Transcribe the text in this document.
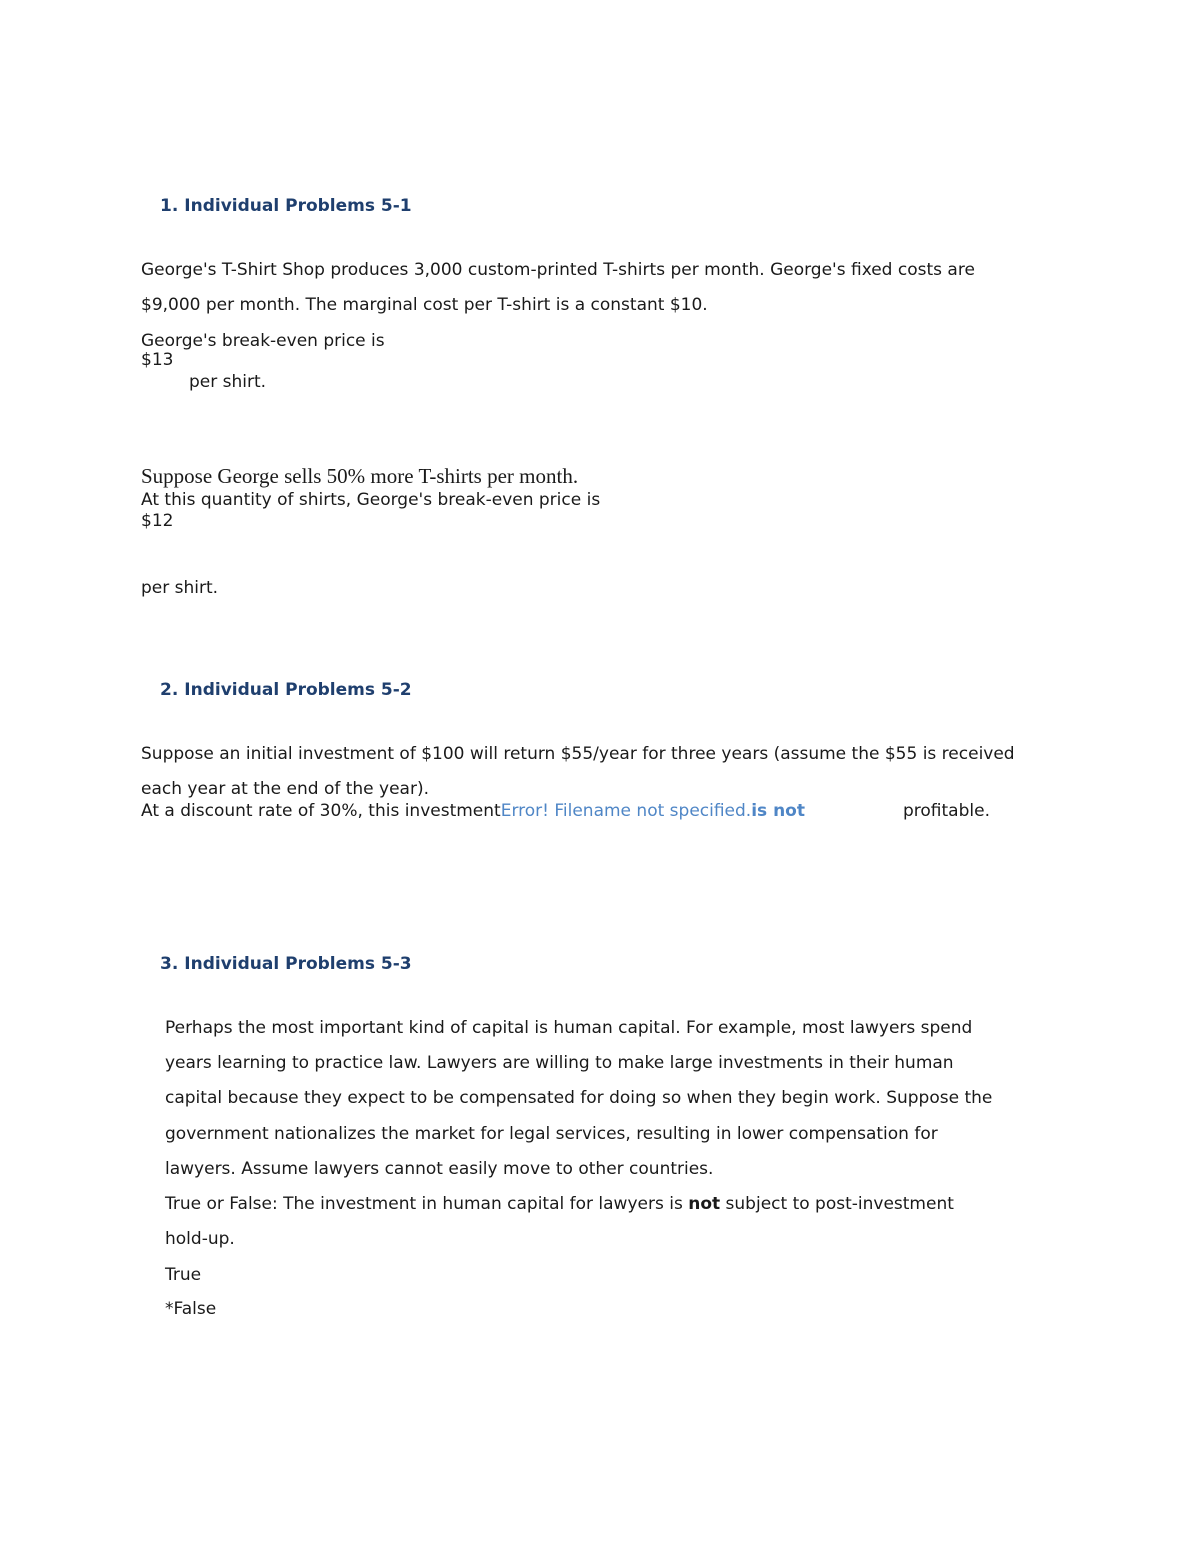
1. Individual Problems 5-1
George's T-Shirt Shop produces 3,000 custom-printed T-shirts per month. George's fixed costs are
$9,000 per month. The marginal cost per T-shirt is a constant $10.
George's break-even price is
$13
per shirt.
Suppose George sells 50% more T-shirts per month.
At this quantity of shirts, George's break-even price is
$12
per shirt.
2. Individual Problems 5-2
Suppose an initial investment of $100 will return $55/year for three years (assume the $55 is received
each year at the end of the year).
At a discount rate of 30%, this investmentError! Filename not specified.is not	profitable.
3. Individual Problems 5-3
Perhaps the most important kind of capital is human capital. For example, most lawyers spend
years learning to practice law. Lawyers are willing to make large investments in their human
capital because they expect to be compensated for doing so when they begin work. Suppose the
government nationalizes the market for legal services, resulting in lower compensation for
lawyers. Assume lawyers cannot easily move to other countries.
True or False: The investment in human capital for lawyers is not subject to post-investment
hold-up.
True
*False
